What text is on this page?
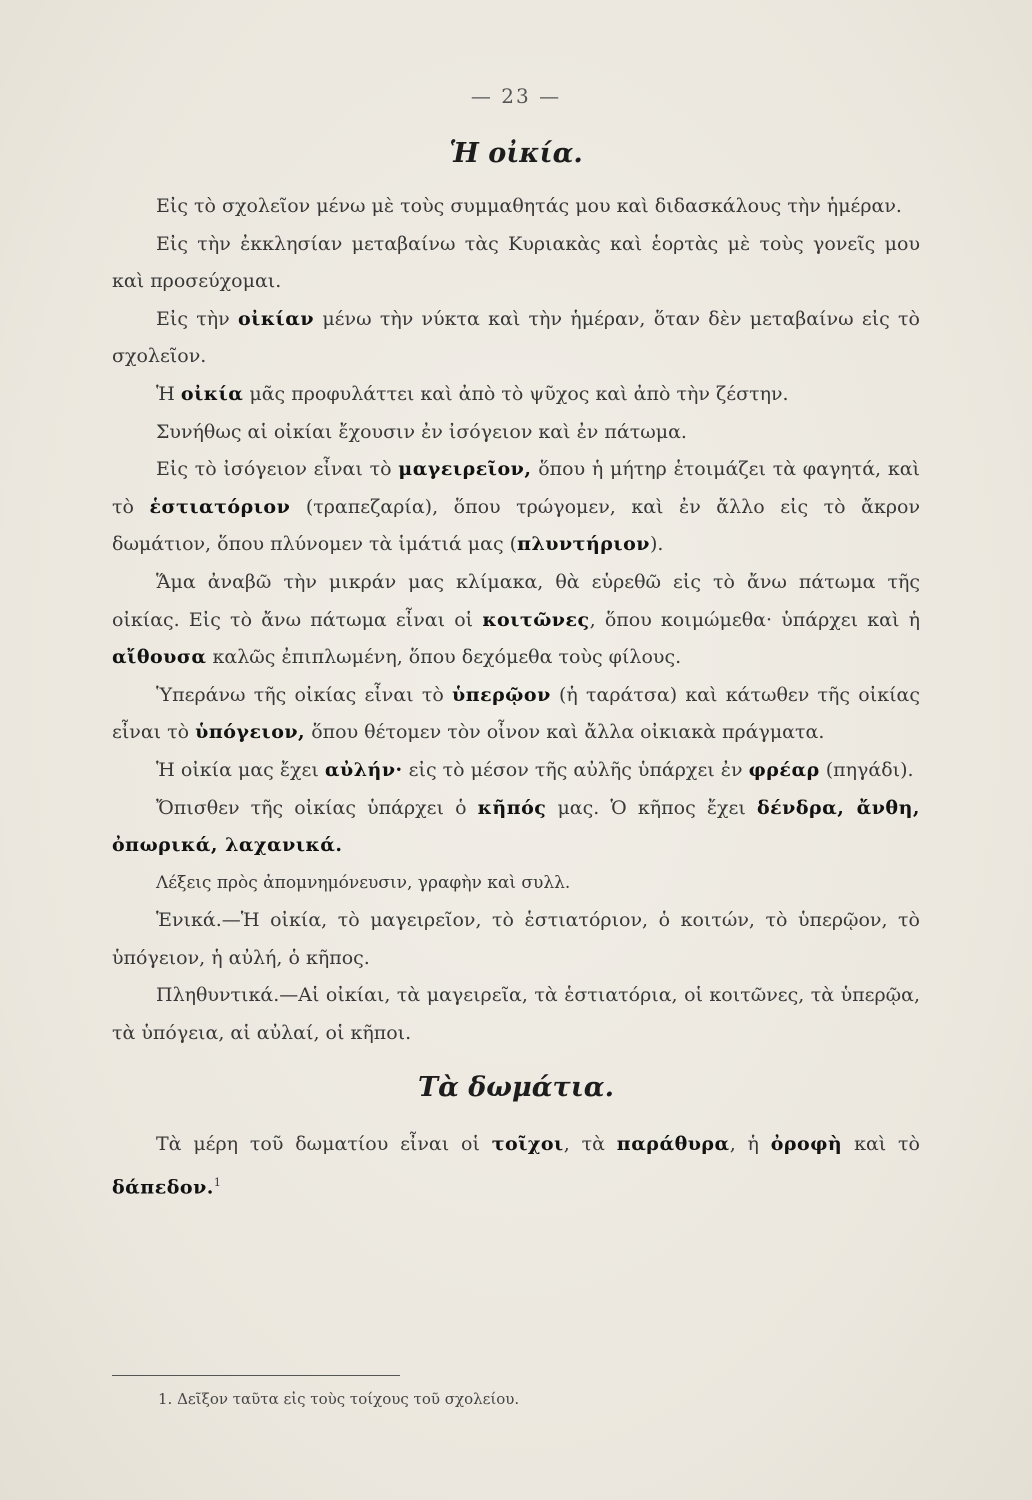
— 23 —
Ἡ οἰκία.

Εἰς τὸ σχολεῖον μένω μὲ τοὺς συμμαθητάς μου καὶ διδασκάλους τὴν ἡμέραν.

Εἰς τὴν ἐκκλησίαν μεταβαίνω τὰς Κυριακὰς καὶ ἑορτὰς μὲ τοὺς γονεῖς μου καὶ προσεύχομαι.

Εἰς τὴν οἰκίαν μένω τὴν νύκτα καὶ τὴν ἡμέραν, ὅταν δὲν μεταβαίνω εἰς τὸ σχολεῖον.

Ἡ οἰκία μᾶς προφυλάττει καὶ ἀπὸ τὸ ψῦχος καὶ ἀπὸ τὴν ζέστην.

Συνήθως αἱ οἰκίαι ἔχουσιν ἐν ἰσόγειον καὶ ἐν πάτωμα.

Εἰς τὸ ἰσόγειον εἶναι τὸ μαγειρεῖον, ὅπου ἡ μήτηρ ἑτοιμάζει τὰ φαγητά, καὶ τὸ ἑστιατόριον (τραπεζαρία), ὅπου τρώγομεν, καὶ ἐν ἄλλο εἰς τὸ ἄκρον δωμάτιον, ὅπου πλύνομεν τὰ ἱμάτιά μας (πλυντήριον).

Ἅμα ἀναβῶ τὴν μικράν μας κλίμακα, θὰ εὑρεθῶ εἰς τὸ ἄνω πάτωμα τῆς οἰκίας. Εἰς τὸ ἄνω πάτωμα εἶναι οἱ κοιτῶνες, ὅπου κοιμώμεθα· ὑπάρχει καὶ ἡ αἴθουσα καλῶς ἐπιπλωμένη, ὅπου δεχόμεθα τοὺς φίλους.

Ὑπεράνω τῆς οἰκίας εἶναι τὸ ὑπερῷον (ἡ ταράτσα) καὶ κάτωθεν τῆς οἰκίας εἶναι τὸ ὑπόγειον, ὅπου θέτομεν τὸν οἶνον καὶ ἄλλα οἰκιακὰ πράγματα.

Ἡ οἰκία μας ἔχει αὐλήν· εἰς τὸ μέσον τῆς αὐλῆς ὑπάρχει ἐν φρέαρ (πηγάδι).

Ὄπισθεν τῆς οἰκίας ὑπάρχει ὁ κῆπός μας. Ὁ κῆπος ἔχει δένδρα, ἄνθη, ὀπωρικά, λαχανικά.

Λέξεις πρὸς ἀπομνημόνευσιν, γραφὴν καὶ συλλ.

Ἑνικά.—Ἡ οἰκία, τὸ μαγειρεῖον, τὸ ἑστιατόριον, ὁ κοιτών, τὸ ὑπερῷον, τὸ ὑπόγειον, ἡ αὐλή, ὁ κῆπος.

Πληθυντικά.—Αἱ οἰκίαι, τὰ μαγειρεῖα, τὰ ἑστιατόρια, οἱ κοιτῶνες, τὰ ὑπερῷα, τὰ ὑπόγεια, αἱ αὐλαί, οἱ κῆποι.

Τὰ δωμάτια.

Τὰ μέρη τοῦ δωματίου εἶναι οἱ τοῖχοι, τὰ παράθυρα, ἡ ὀροφὴ καὶ τὸ δάπεδον.$^1$

1. Δεῖξον ταῦτα εἰς τοὺς τοίχους τοῦ σχολείου.
